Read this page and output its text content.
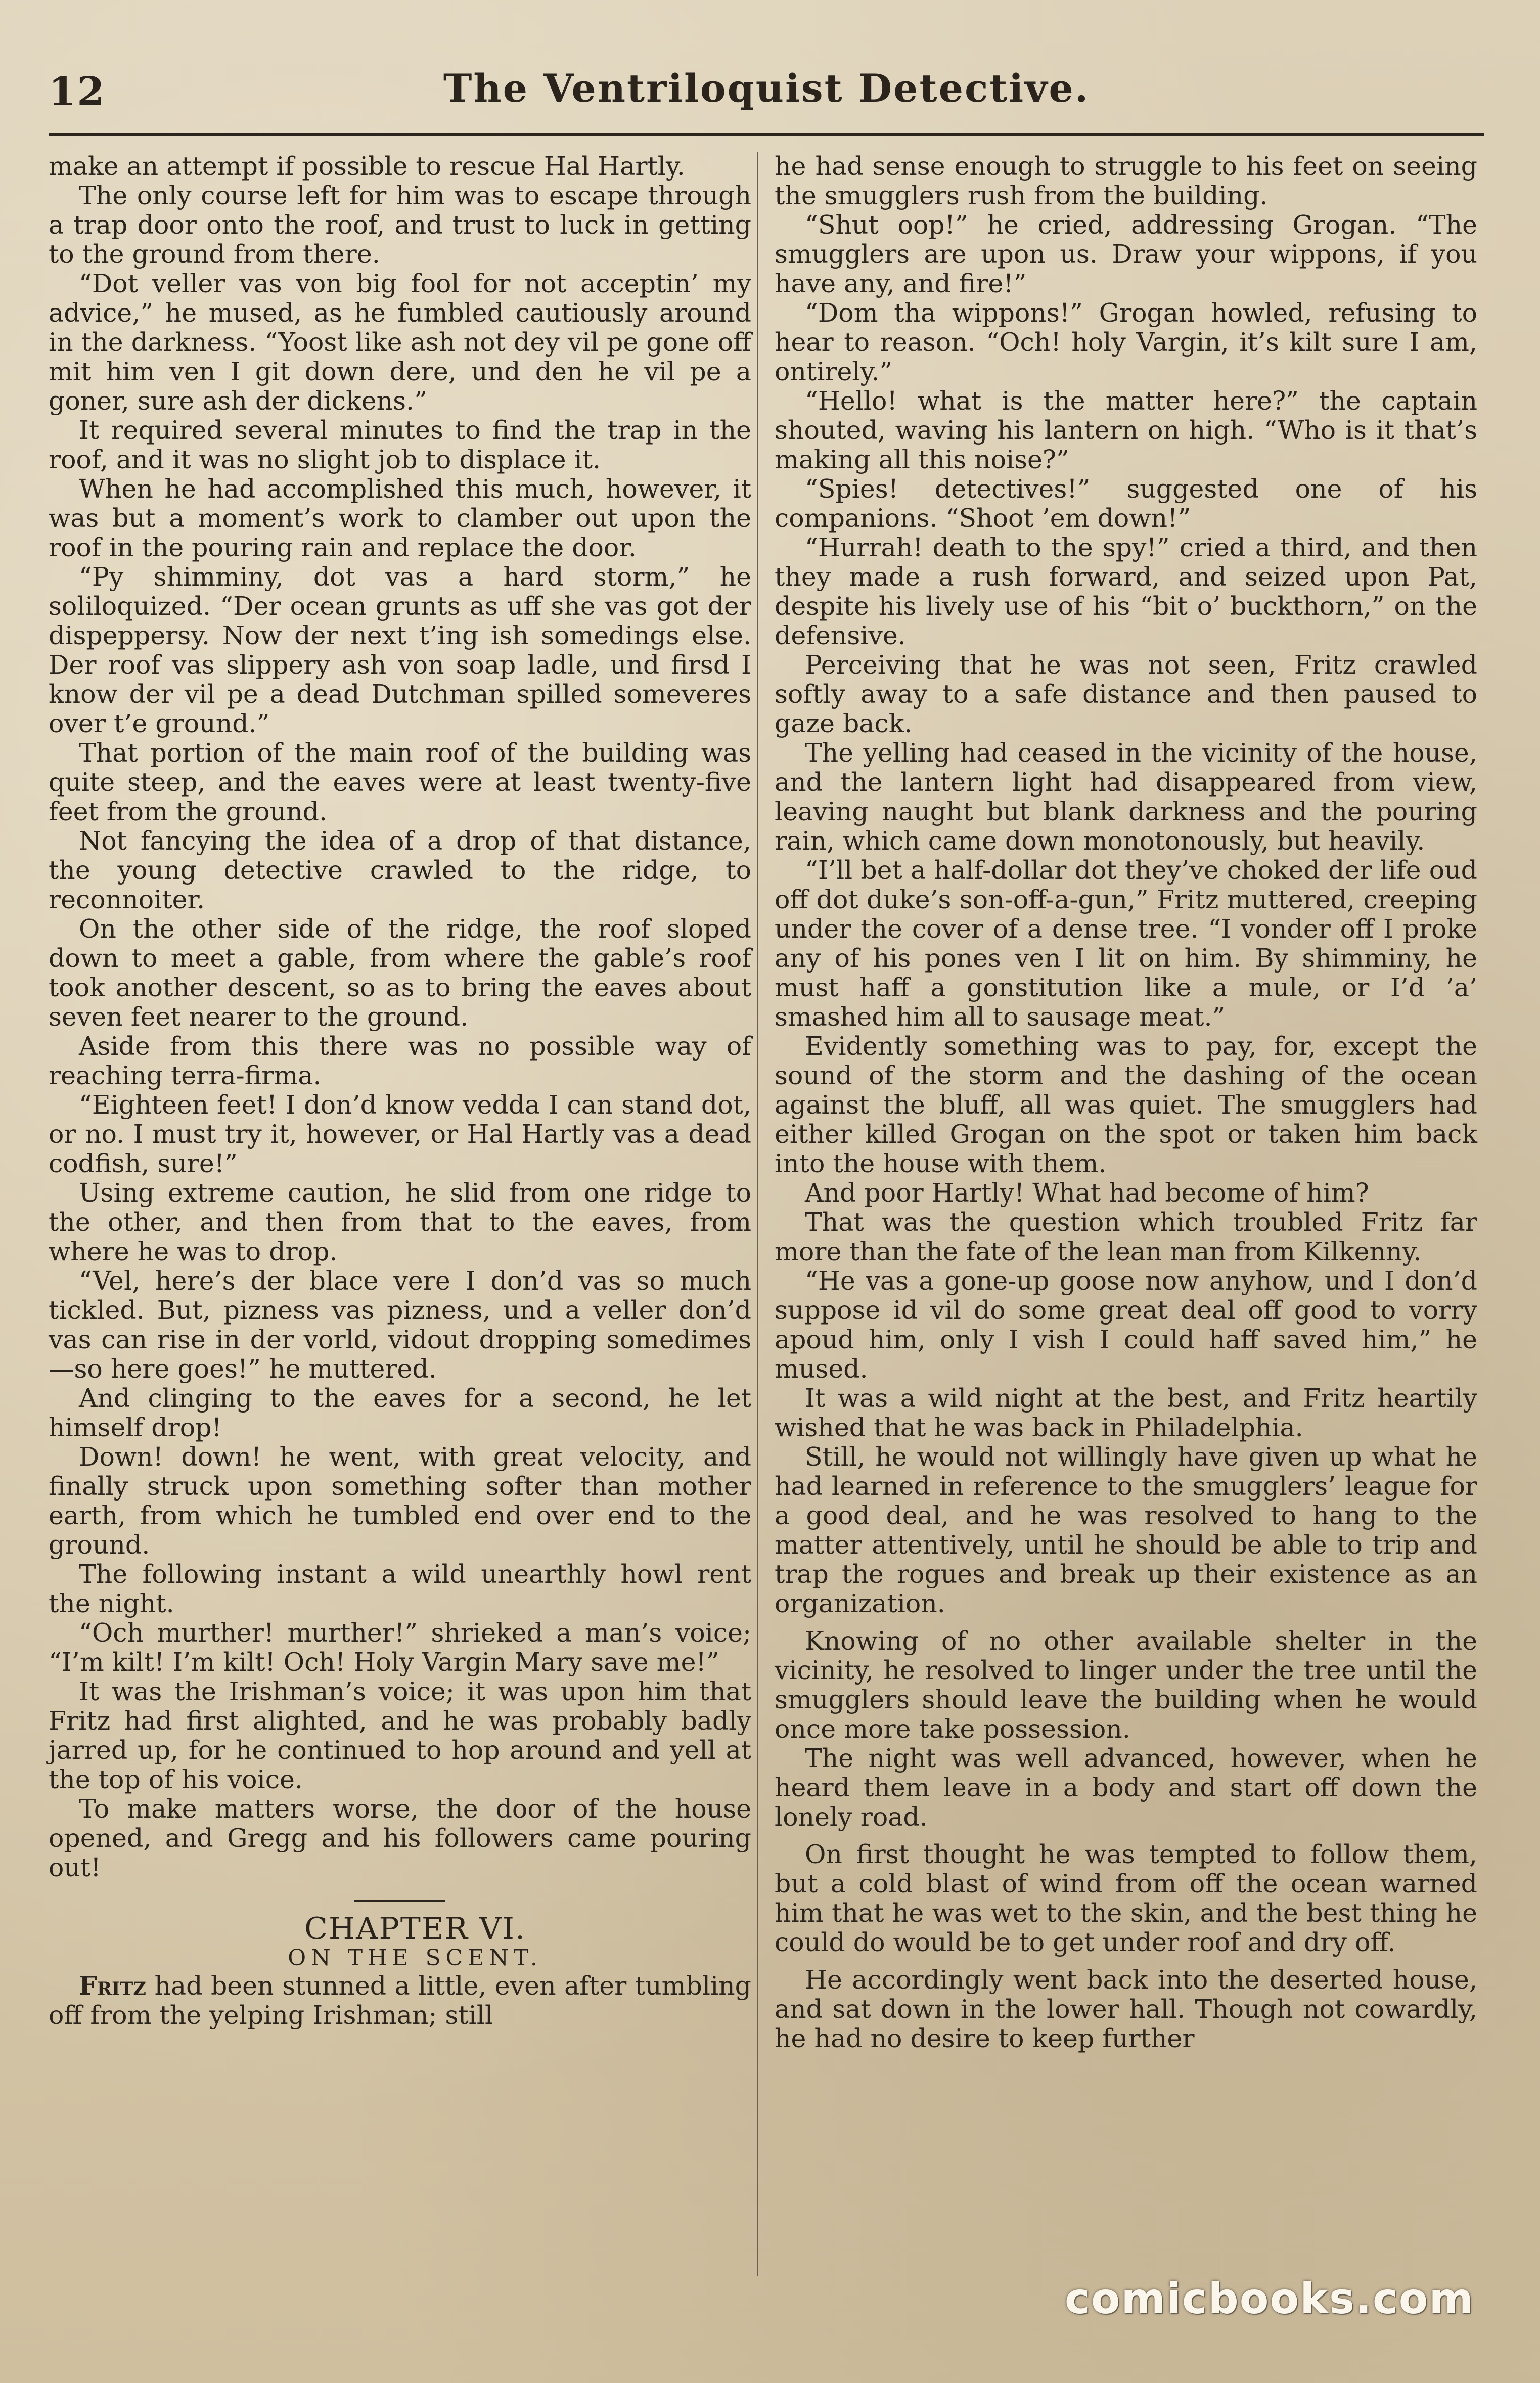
12	The Ventriloquist Detective.

make an attempt if possible to rescue Hal Hartly.

The only course left for him was to escape through a trap door onto the roof, and trust to luck in getting to the ground from there.

“Dot veller vas von big fool for not acceptin’ my advice,” he mused, as he fumbled cautiously around in the darkness. “Yoost like ash not dey vil pe gone off mit him ven I git down dere, und den he vil pe a goner, sure ash der dickens.”

It required several minutes to find the trap in the roof, and it was no slight job to displace it.

When he had accomplished this much, however, it was but a moment’s work to clamber out upon the roof in the pouring rain and replace the door.

“Py shimminy, dot vas a hard storm,” he soliloquized. “Der ocean grunts as uff she vas got der dispeppersy. Now der next t’ing ish somedings else. Der roof vas slippery ash von soap ladle, und firsd I know der vil pe a dead Dutchman spilled someveres over t’e ground.”

That portion of the main roof of the building was quite steep, and the eaves were at least twenty-five feet from the ground.

Not fancying the idea of a drop of that distance, the young detective crawled to the ridge, to reconnoiter.

On the other side of the ridge, the roof sloped down to meet a gable, from where the gable’s roof took another descent, so as to bring the eaves about seven feet nearer to the ground.

Aside from this there was no possible way of reaching terra-firma.

“Eighteen feet! I don’d know vedda I can stand dot, or no. I must try it, however, or Hal Hartly vas a dead codfish, sure!”

Using extreme caution, he slid from one ridge to the other, and then from that to the eaves, from where he was to drop.

“Vel, here’s der blace vere I don’d vas so much tickled. But, pizness vas pizness, und a veller don’d vas can rise in der vorld, vidout dropping somedimes—so here goes!” he muttered.

And clinging to the eaves for a second, he let himself drop!

Down! down! he went, with great velocity, and finally struck upon something softer than mother earth, from which he tumbled end over end to the ground.

The following instant a wild unearthly howl rent the night.

“Och murther! murther!” shrieked a man’s voice; “I’m kilt! I’m kilt! Och! Holy Vargin Mary save me!”

It was the Irishman’s voice; it was upon him that Fritz had first alighted, and he was probably badly jarred up, for he continued to hop around and yell at the top of his voice.

To make matters worse, the door of the house opened, and Gregg and his followers came pouring out!

CHAPTER VI.

ON THE SCENT.

Fritz had been stunned a little, even after tumbling off from the yelping Irishman; still

he had sense enough to struggle to his feet on seeing the smugglers rush from the building.

“Shut oop!” he cried, addressing Grogan. “The smugglers are upon us. Draw your wippons, if you have any, and fire!”

“Dom tha wippons!” Grogan howled, refusing to hear to reason. “Och! holy Vargin, it’s kilt sure I am, ontirely.”

“Hello! what is the matter here?” the captain shouted, waving his lantern on high. “Who is it that’s making all this noise?”

“Spies! detectives!” suggested one of his companions. “Shoot ’em down!”

“Hurrah! death to the spy!” cried a third, and then they made a rush forward, and seized upon Pat, despite his lively use of his “bit o’ buckthorn,” on the defensive.

Perceiving that he was not seen, Fritz crawled softly away to a safe distance and then paused to gaze back.

The yelling had ceased in the vicinity of the house, and the lantern light had disappeared from view, leaving naught but blank darkness and the pouring rain, which came down monotonously, but heavily.

“I’ll bet a half-dollar dot they’ve choked der life oud off dot duke’s son-off-a-gun,” Fritz muttered, creeping under the cover of a dense tree. “I vonder off I proke any of his pones ven I lit on him. By shimminy, he must haff a gonstitution like a mule, or I’d ’a’ smashed him all to sausage meat.”

Evidently something was to pay, for, except the sound of the storm and the dashing of the ocean against the bluff, all was quiet. The smugglers had either killed Grogan on the spot or taken him back into the house with them.

And poor Hartly! What had become of him?

That was the question which troubled Fritz far more than the fate of the lean man from Kilkenny.

“He vas a gone-up goose now anyhow, und I don’d suppose id vil do some great deal off good to vorry apoud him, only I vish I could haff saved him,” he mused.

It was a wild night at the best, and Fritz heartily wished that he was back in Philadelphia.

Still, he would not willingly have given up what he had learned in reference to the smugglers’ league for a good deal, and he was resolved to hang to the matter attentively, until he should be able to trip and trap the rogues and break up their existence as an organization.

Knowing of no other available shelter in the vicinity, he resolved to linger under the tree until the smugglers should leave the building when he would once more take possession.

The night was well advanced, however, when he heard them leave in a body and start off down the lonely road.

On first thought he was tempted to follow them, but a cold blast of wind from off the ocean warned him that he was wet to the skin, and the best thing he could do would be to get under roof and dry off.

He accordingly went back into the deserted house, and sat down in the lower hall. Though not cowardly, he had no desire to keep further

comicbooks.com
